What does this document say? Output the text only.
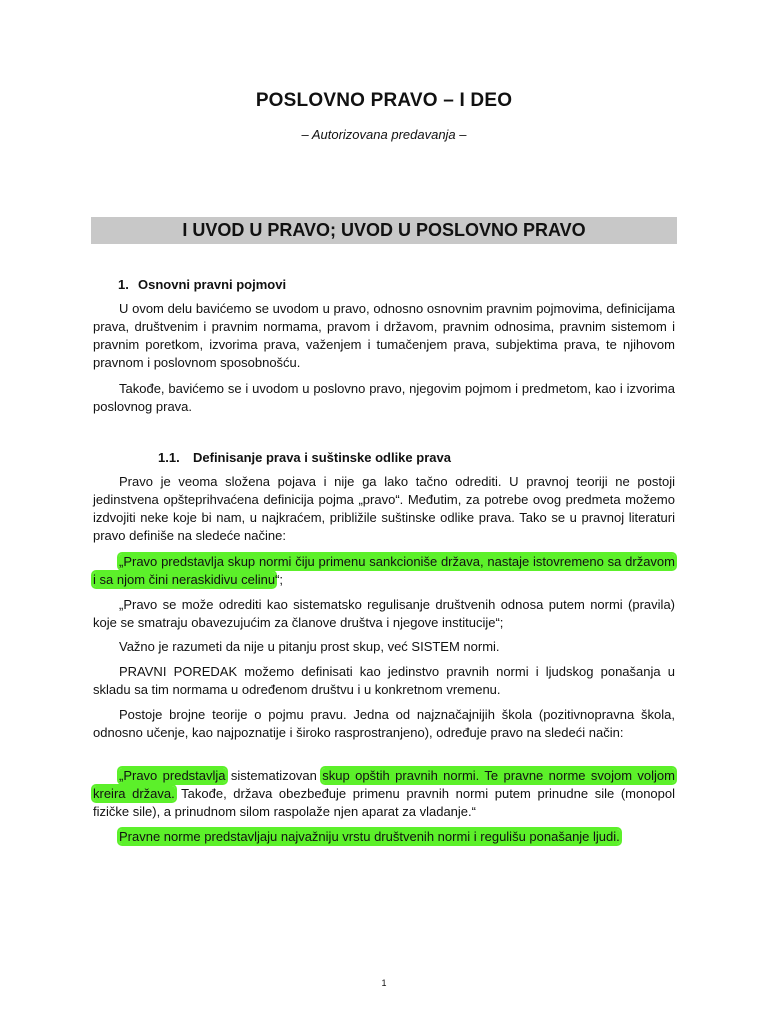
POSLOVNO PRAVO – I DEO
– Autorizovana predavanja –
I UVOD U PRAVO; UVOD U POSLOVNO PRAVO
1. Osnovni pravni pojmovi
U ovom delu bavićemo se uvodom u pravo, odnosno osnovnim pravnim pojmovima, definicijama prava, društvenim i pravnim normama, pravom i državom, pravnim odnosima, pravnim sistemom i pravnim poretkom, izvorima prava, važenjem i tumačenjem prava, subjektima prava, te njihovom pravnom i poslovnom sposobnošću.
Takođe, bavićemo se i uvodom u poslovno pravo, njegovim pojmom i predmetom, kao i izvorima poslovnog prava.
1.1. Definisanje prava i suštinske odlike prava
Pravo je veoma složena pojava i nije ga lako tačno odrediti. U pravnoj teoriji ne postoji jedinstvena opšteprihvaćena definicija pojma „pravo“. Međutim, za potrebe ovog predmeta možemo izdvojiti neke koje bi nam, u najkraćem, približile suštinske odlike prava. Tako se u pravnoj literaturi pravo definiše na sledeće načine:
„Pravo predstavlja skup normi čiju primenu sankcioniše država, nastaje istovremeno sa državom i sa njom čini neraskidivu celinu“;
„Pravo se može odrediti kao sistematsko regulisanje društvenih odnosa putem normi (pravila) koje se smatraju obavezujućim za članove društva i njegove institucije“;
Važno je razumeti da nije u pitanju prost skup, već SISTEM normi.
PRAVNI POREDAK možemo definisati kao jedinstvo pravnih normi i ljudskog ponašanja u skladu sa tim normama u određenom društvu i u konkretnom vremenu.
Postoje brojne teorije o pojmu pravu. Jedna od najznačajnijih škola (pozitivnopravna škola, odnosno učenje, kao najpoznatije i široko rasprostranjeno), određuje pravo na sledeći način:
„Pravo predstavlja sistematizovan skup opštih pravnih normi. Te pravne norme svojom voljom kreira država. Takođe, država obezbeđuje primenu pravnih normi putem prinudne sile (monopol fizičke sile), a prinudnom silom raspolaže njen aparat za vladanje.“
Pravne norme predstavljaju najvažniju vrstu društvenih normi i regulišu ponašanje ljudi.
1
